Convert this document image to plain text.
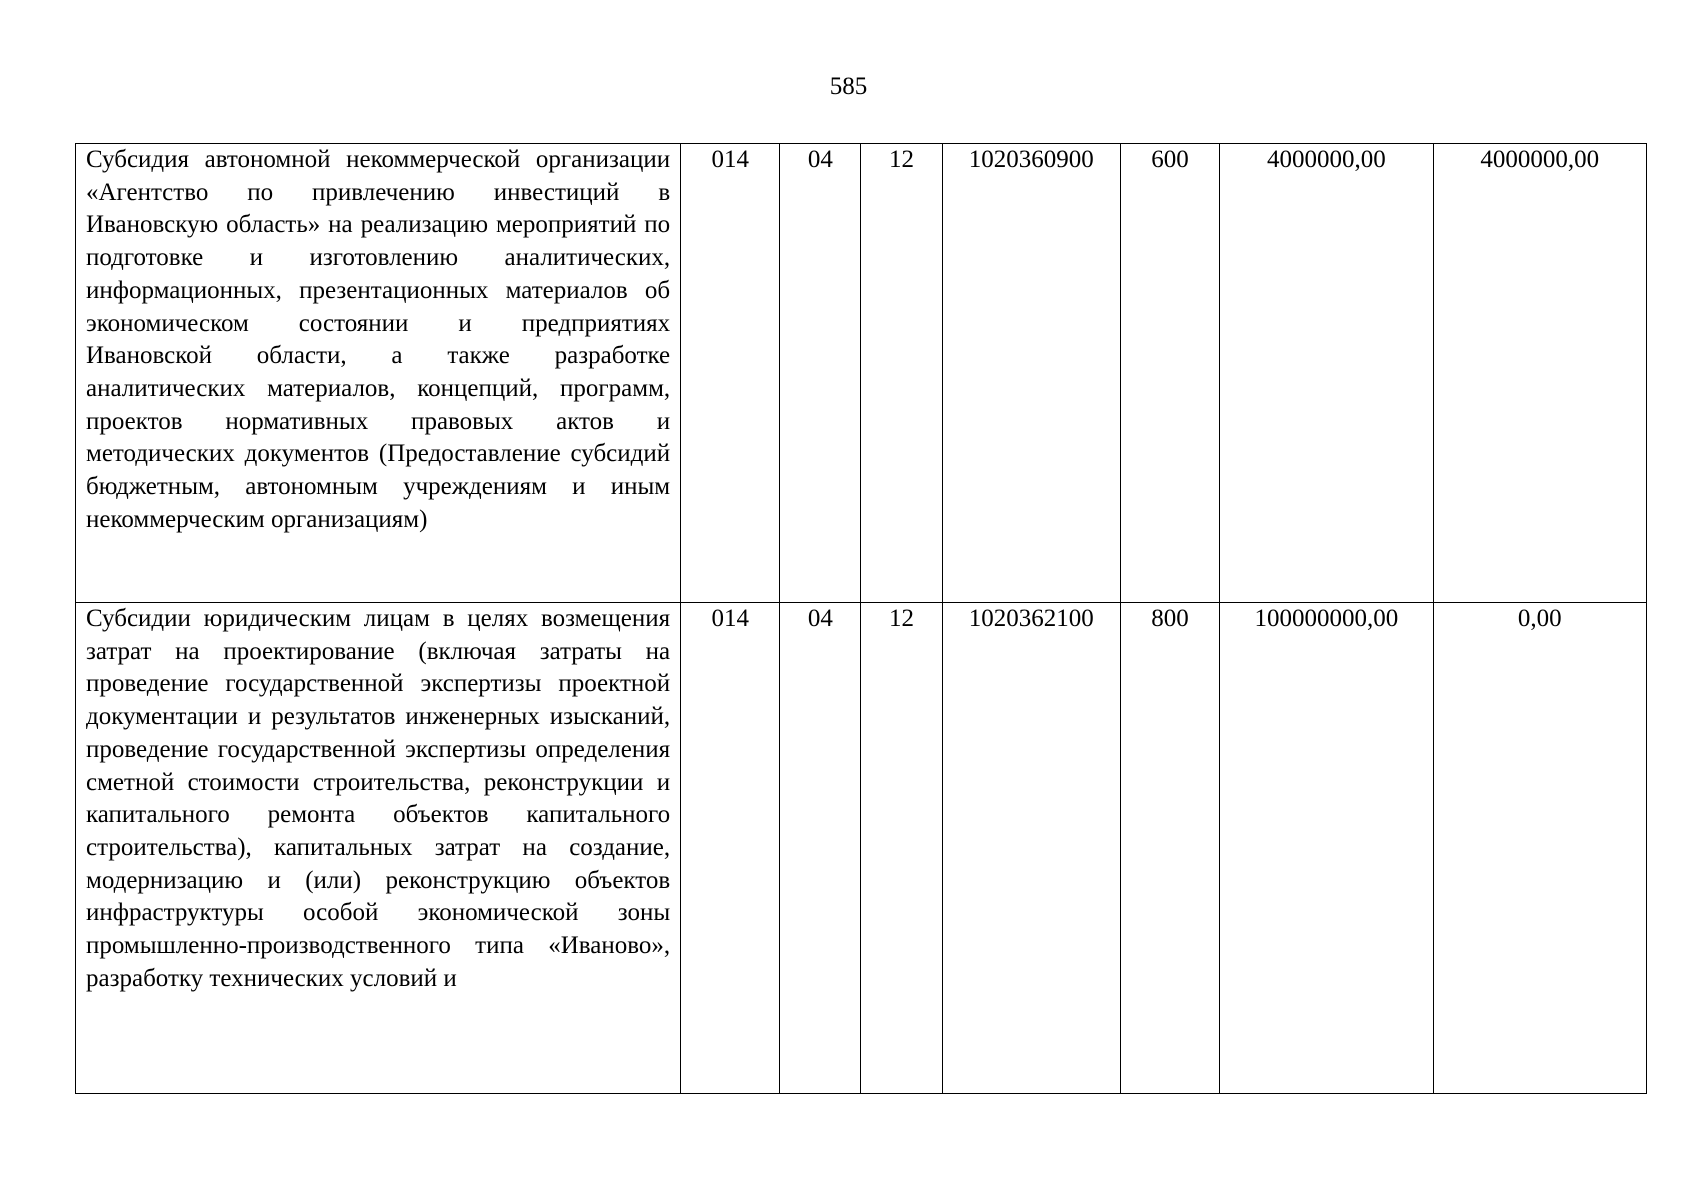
585
Субсидия автономной некоммерческой организации «Агентство по привлечению инвестиций в Ивановскую область» на реализацию мероприятий по подготовке и изготовлению аналитических, информационных, презентационных материалов об экономическом состоянии и предприятиях Ивановской области, а также разработке аналитических материалов, концепций, программ, проектов нормативных правовых актов и методических документов (Предоставление субсидий бюджетным, автономным учреждениям и иным некоммерческим организациям)	014	04	12	1020360900	600	4000000,00	4000000,00
Субсидии юридическим лицам в целях возмещения затрат на проектирование (включая затраты на проведение государственной экспертизы проектной документации и результатов инженерных изысканий, проведение государственной экспертизы определения сметной стоимости строительства, реконструкции и капитального ремонта объектов капитального строительства), капитальных затрат на создание, модернизацию и (или) реконструкцию объектов инфраструктуры особой экономической зоны промышленно-производственного типа «Иваново», разработку технических условий и	014	04	12	1020362100	800	100000000,00	0,00
